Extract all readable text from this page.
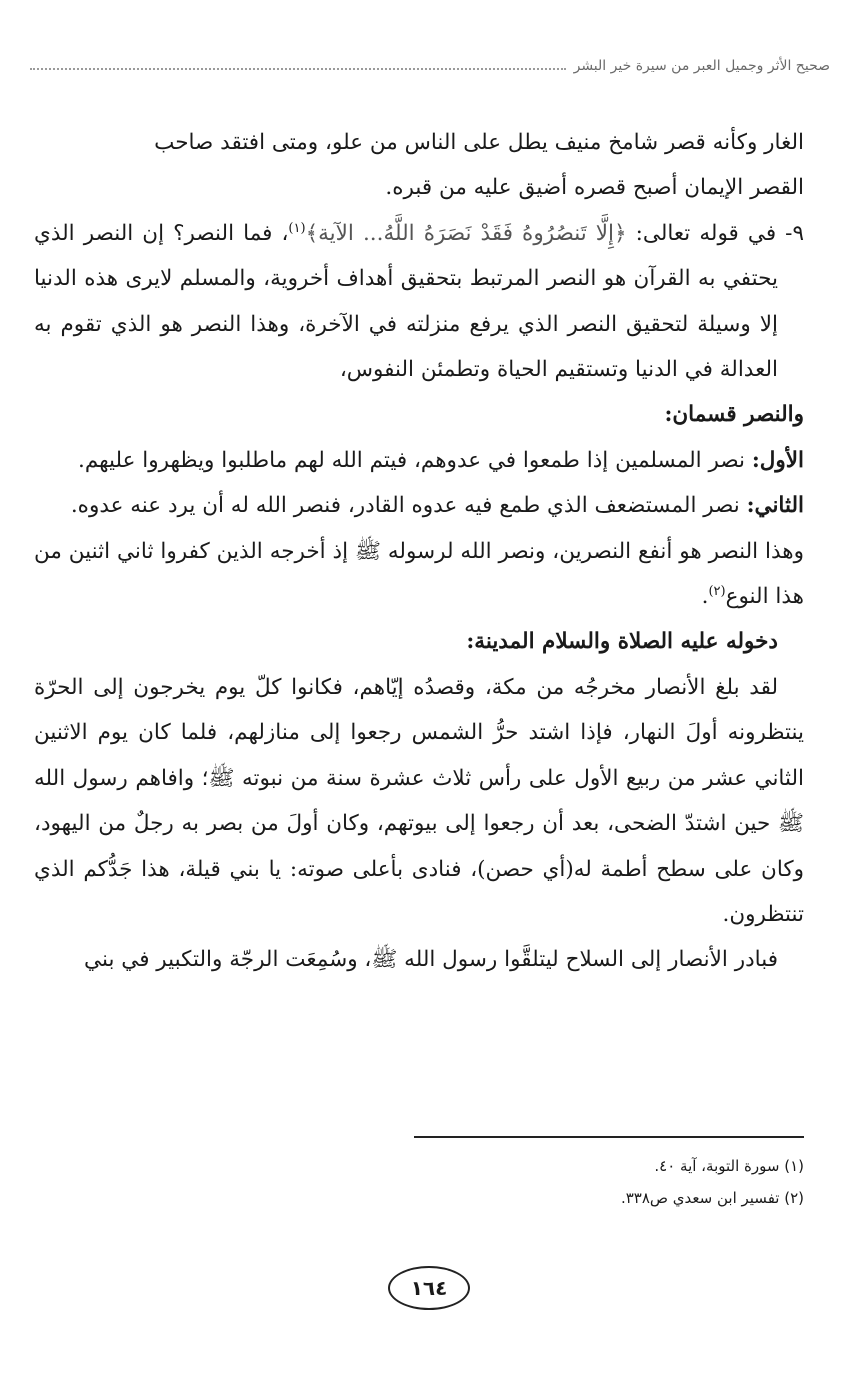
صحيح الأثر وجميل العبر من سيرة خير البشر

الغار وكأنه قصر شامخ منيف يطل على الناس من علو، ومتى افتقد صاحب

القصر الإيمان أصبح قصره أضيق عليه من قبره.

٩- في قوله تعالى: ﴿إِلَّا تَنصُرُوهُ فَقَدْ نَصَرَهُ اللَّهُ... الآية﴾$^{(١)}$، فما النصر؟ إن النصر الذي يحتفي به القرآن هو النصر المرتبط بتحقيق أهداف أخروية، والمسلم لايرى هذه الدنيا إلا وسيلة لتحقيق النصر الذي يرفع منزلته في الآخرة، وهذا النصر هو الذي تقوم به العدالة في الدنيا وتستقيم الحياة وتطمئن النفوس،

والنصر قسمان:

الأول: نصر المسلمين إذا طمعوا في عدوهم، فيتم الله لهم ماطلبوا ويظهروا عليهم.

الثاني: نصر المستضعف الذي طمع فيه عدوه القادر، فنصر الله له أن يرد عنه عدوه.

وهذا النصر هو أنفع النصرين، ونصر الله لرسوله ﷺ إذ أخرجه الذين كفروا ثاني اثنين من هذا النوع$^{(٢)}$.

دخوله عليه الصلاة والسلام المدينة:

لقد بلغ الأنصار مخرجُه من مكة، وقصدُه إيّاهم، فكانوا كلّ يوم يخرجون إلى الحرّة ينتظرونه أولَ النهار، فإذا اشتد حرُّ الشمس رجعوا إلى منازلهم، فلما كان يوم الاثنين الثاني عشر من ربيع الأول على رأس ثلاث عشرة سنة من نبوته ﷺ؛ وافاهم رسول الله ﷺ حين اشتدّ الضحى، بعد أن رجعوا إلى بيوتهم، وكان أولَ من بصر به رجلٌ من اليهود، وكان على سطح أطمة له(أي حصن)، فنادى بأعلى صوته: يا بني قيلة، هذا جَدُّكم الذي تنتظرون.

فبادر الأنصار إلى السلاح ليتلقَّوا رسول الله ﷺ، وسُمِعَت الرجّة والتكبير في بني

(١) سورة التوبة، آية ٤٠.

(٢) تفسير ابن سعدي ص٣٣٨.

١٦٤
